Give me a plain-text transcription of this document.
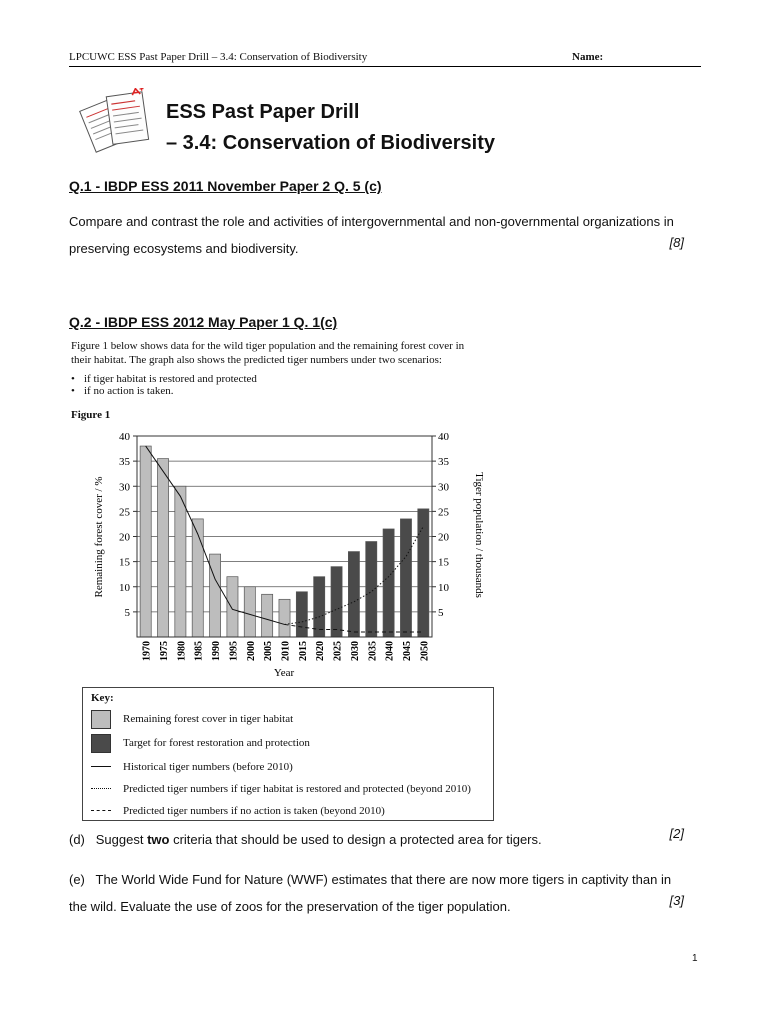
LPCUWC ESS Past Paper Drill – 3.4: Conservation of Biodiversity	Name:
ESS Past Paper Drill
– 3.4: Conservation of Biodiversity
Q.1 - IBDP ESS 2011 November Paper 2 Q. 5 (c)
Compare and contrast the role and activities of intergovernmental and non-governmental organizations in preserving ecosystems and biodiversity.	[8]
Q.2 - IBDP ESS 2012 May Paper 1 Q. 1(c)
Figure 1 below shows data for the wild tiger population and the remaining forest cover in
their habitat. The graph also shows the predicted tiger numbers under two scenarios:
• if tiger habitat is restored and protected
• if no action is taken.
Figure 1
5
10
15
20
25
30
35
40
5
10
15
20
25
30
35
40
1970 1975 1980 1985 1990 1995 2000 2005 2010 2015 2020 2025 2030 2035 2040 2045 2050
Remaining forest cover / %	Tiger population / thousands
Year
Key:
Remaining forest cover in tiger habitat
Target for forest restoration and protection
Historical tiger numbers (before 2010)
Predicted tiger numbers if tiger habitat is restored and protected (beyond 2010)
Predicted tiger numbers if no action is taken (beyond 2010)
(d) Suggest two criteria that should be used to design a protected area for tigers.	[2]
(e) The World Wide Fund for Nature (WWF) estimates that there are now more tigers in captivity than in the wild. Evaluate the use of zoos for the preservation of the tiger population.	[3]
1
